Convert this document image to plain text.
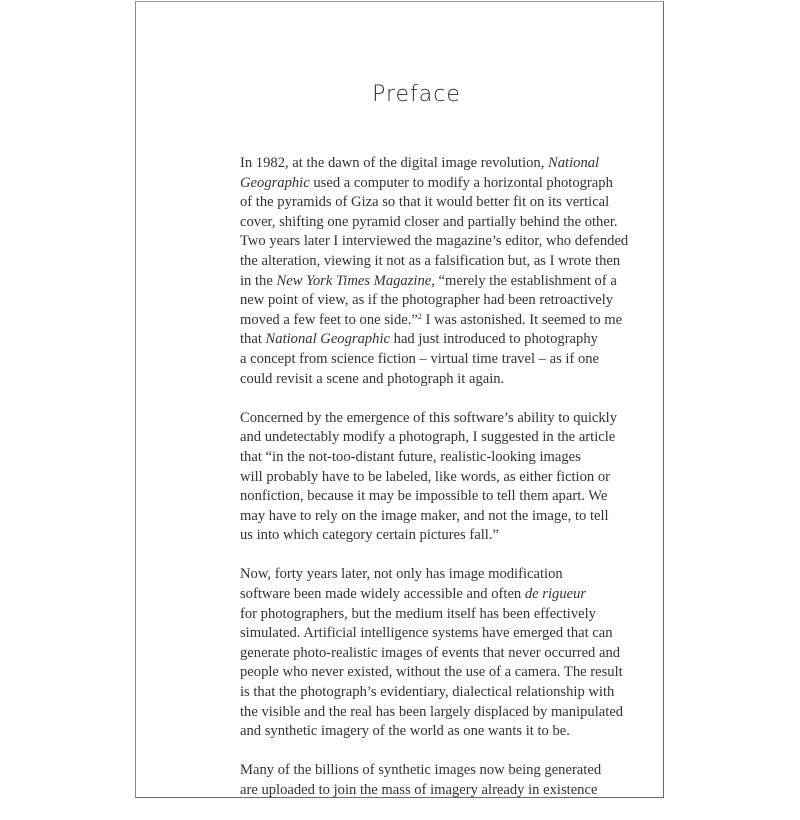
Preface

In 1982, at the dawn of the digital image revolution, National
Geographic used a computer to modify a horizontal photograph
of the pyramids of Giza so that it would better fit on its vertical
cover, shifting one pyramid closer and partially behind the other.
Two years later I interviewed the magazine’s editor, who defended
the alteration, viewing it not as a falsification but, as I wrote then
in the New York Times Magazine, “merely the establishment of a
new point of view, as if the photographer had been retroactively
moved a few feet to one side.”$^2$ I was astonished. It seemed to me
that National Geographic had just introduced to photography
a concept from science fiction – virtual time travel – as if one
could revisit a scene and photograph it again.

Concerned by the emergence of this software’s ability to quickly
and undetectably modify a photograph, I suggested in the article
that “in the not-too-distant future, realistic-looking images
will probably have to be labeled, like words, as either fiction or
nonfiction, because it may be impossible to tell them apart. We
may have to rely on the image maker, and not the image, to tell
us into which category certain pictures fall.”

Now, forty years later, not only has image modification
software been made widely accessible and often de rigueur
for photographers, but the medium itself has been effectively
simulated. Artificial intelligence systems have emerged that can
generate photo-realistic images of events that never occurred and
people who never existed, without the use of a camera. The result
is that the photograph’s evidentiary, dialectical relationship with
the visible and the real has been largely displaced by manipulated
and synthetic imagery of the world as one wants it to be.

Many of the billions of synthetic images now being generated
are uploaded to join the mass of imagery already in existence
